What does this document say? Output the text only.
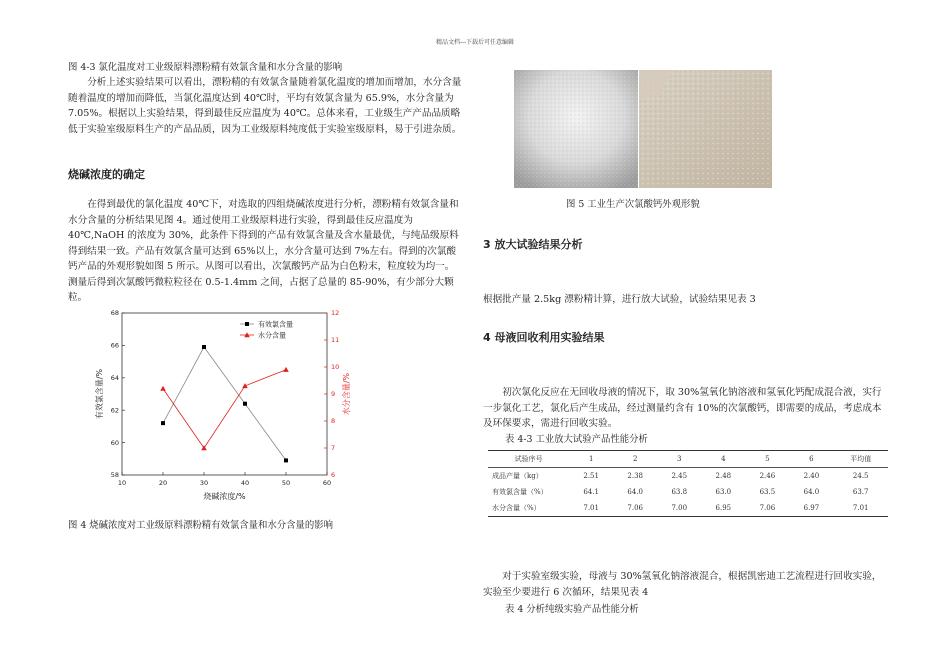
精品文档---下载后可任意编辑
图 4-3 氯化温度对工业级原料漂粉精有效氯含量和水分含量的影响

分析上述实验结果可以看出，漂粉精的有效氯含量随着氯化温度的增加而增加，水分含量随着温度的增加而降低，当氯化温度达到 40℃时，平均有效氯含量为 65.9%，水分含量为 7.05%。根据以上实验结果，得到最佳反应温度为 40℃。总体来看，工业级生产产品品质略低于实验室级原料生产的产品品质，因为工业级原料纯度低于实验室级原料，易于引进杂质。

烧碱浓度的确定

在得到最优的氯化温度 40℃下，对选取的四组烧碱浓度进行分析，漂粉精有效氯含量和水分含量的分析结果见图 4。通过使用工业级原料进行实验，得到最佳反应温度为 40℃,NaOH 的浓度为 30%，此条件下得到的产品有效氯含量及含水量最优，与纯品级原料得到结果一致。产品有效氯含量可达到 65%以上，水分含量可达到 7%左右。得到的次氯酸钙产品的外观形貌如图 5 所示。从图可以看出，次氯酸钙产品为白色粉末，粒度较为均一。测量后得到次氯酸钙微粒粒径在 0.5-1.4mm 之间，占据了总量的 85-90%，有少部分大颗粒。

10	20	30	40	50	60
58
60
62
64
66
68
6
7
8
9
10
11
12
有效氯含量
水分含量
烧碱浓度/%
有效氯含量/%	水分含量/%
图 4 烧碱浓度对工业级原料漂粉精有效氯含量和水分含量的影响
图 5 工业生产次氯酸钙外观形貌
3 放大试验结果分析

根据批产量 2.5kg 漂粉精计算，进行放大试验，试验结果见表 3

4 母液回收利用实验结果

初次氯化反应在无回收母液的情况下，取 30%氢氧化钠溶液和氢氧化钙配成混合液，实行一步氯化工艺，氯化后产生成品，经过测量约含有 10%的次氯酸钙，即需要的成品，考虑成本及环保要求，需进行回收实验。

表 4-3 工业放大试验产品性能分析
试验序号	1	2	3	4	5	6	平均值
成品产量（kg）	2.51	2.38	2.45	2.48	2.46	2.40	24.5
有效氯含量（%）	64.1	64.0	63.8	63.0	63.5	64.0	63.7
水分含量（%）	7.01	7.06	7.00	6.95	7.06	6.97	7.01

对于实验室级实验，母液与 30%氢氧化钠溶液混合，根据凯密迪工艺流程进行回收实验，实验至少要进行 6 次循环，结果见表 4

表 4 分析纯级实验产品性能分析
